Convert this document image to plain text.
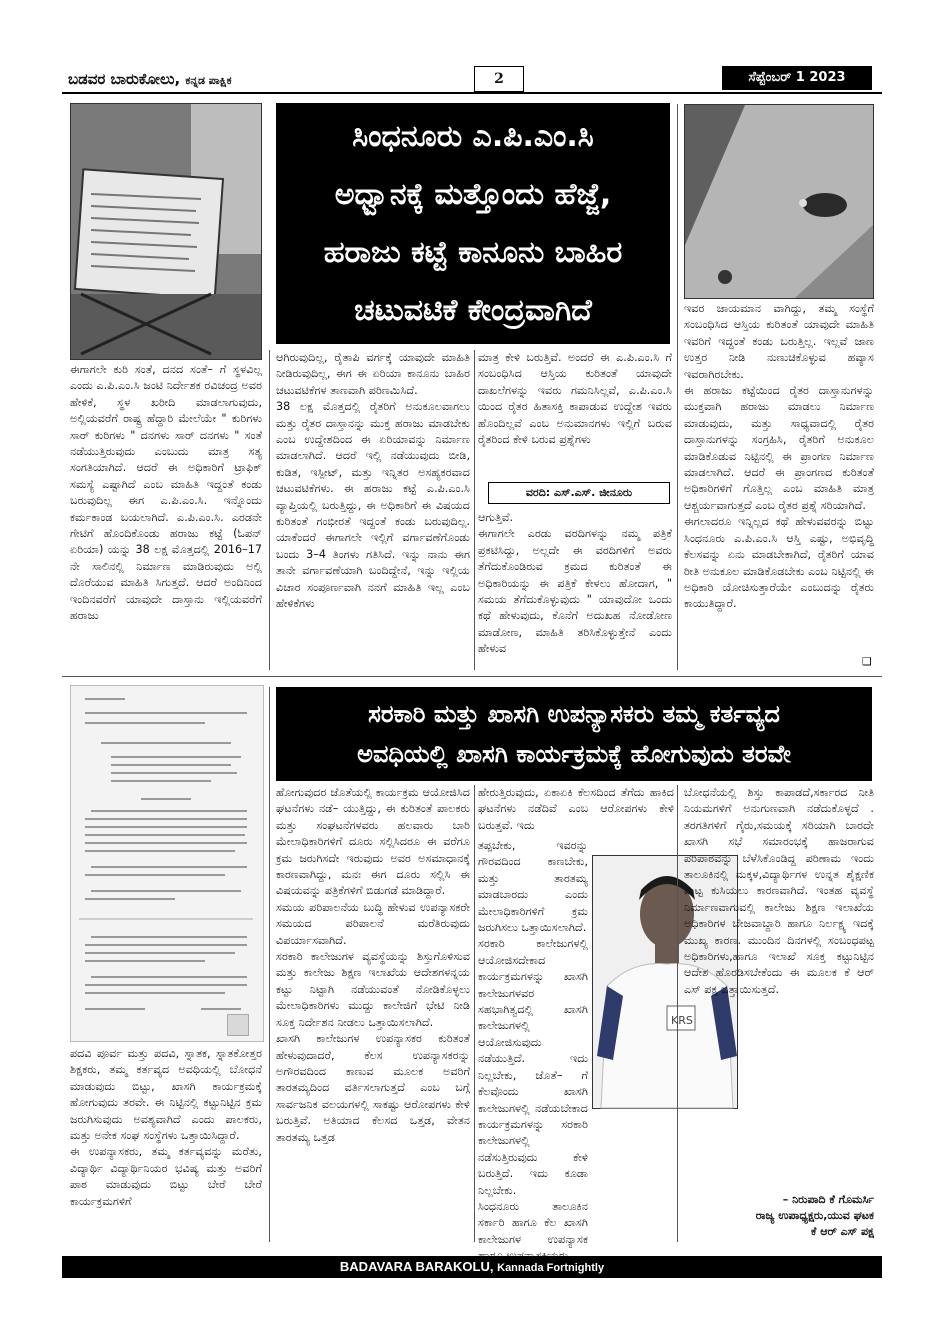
ಬಡವರ ಬಾರುಕೋಲು, ಕನ್ನಡ ಪಾಕ್ಷಿಕ	2	ಸೆಪ್ಟೆಂಬರ್ 1 2023
ಸಿಂಧನೂರು ಎ.ಪಿ.ಎಂ.ಸಿ
ಅಧ್ವಾನಕ್ಕೆ ಮತ್ತೊಂದು ಹೆಜ್ಜೆ,
ಹರಾಜು ಕಟ್ಟೆ ಕಾನೂನು ಬಾಹಿರ
ಚಟುವಟಿಕೆ ಕೇಂದ್ರವಾಗಿದೆ
ಈಗಾಗಲೇ ಕುರಿ ಸಂತೆ, ದನದ ಸಂತೆ– ಗೆ ಸ್ಥಳವಿಲ್ಲ ಎಂದು ಎ.ಪಿ.ಎಂ.ಸಿ ಜಂಟಿ ನಿರ್ದೇಶಕ ರವಿಚಂದ್ರ ಅವರ ಹೇಳಿಕೆ, ಸ್ಥಳ ಖರೀದಿ ಮಾಡಲಾಗುವುದು, ಅಲ್ಲಿಯವರೆಗೆ ರಾಷ್ಟ್ರ ಹೆದ್ದಾರಿ ಮೇಲೆಯೇ " ಕುರಿಗಳು ಸಾರ್ ಕುರಿಗಳು " ದನಗಳು ಸಾರ್ ದನಗಳು " ಸಂತೆ ನಡೆಯುತ್ತಿರುವುದು ಎಂಬುದು ಮಾತ್ರ ಸತ್ಯ ಸಂಗತಿಯಾಗಿದೆ. ಆದರೆ ಈ ಅಧಿಕಾರಿಗೆ ಟ್ರಾಫಿಕ್ ಸಮಸ್ಯೆ ಎಷ್ಟಾಗಿದೆ ಎಂಬ ಮಾಹಿತಿ ಇದ್ದಂತೆ ಕಂಡು ಬರುವುದಿಲ್ಲ ಈಗ ಎ.ಪಿ.ಎಂ.ಸಿ. ಇನ್ನೊಂದು ಕರ್ಮಕಾಂಡ ಬಯಲಾಗಿದೆ. ಎ.ಪಿ.ಎಂ.ಸಿ. ಎರಡನೇ ಗೇಟಿಗೆ ಹೊಂದಿಕೊಂಡು ಹರಾಜು ಕಟ್ಟೆ (ಓಪನ್ ಏರಿಯಾ) ಯನ್ನು 38 ಲಕ್ಷ ಮೊತ್ತದಲ್ಲಿ 2016–17 ನೇ ಸಾಲಿನಲ್ಲಿ ನಿರ್ಮಾಣ ಮಾಡಿರುವುದು ಅಲ್ಲಿ ದೊರೆಯುವ ಮಾಹಿತಿ ಸಿಗುತ್ತದೆ. ಆದರೆ ಅಂದಿನಿಂದ ಇಂದಿನವರೆಗೆ ಯಾವುದೇ ದಾಸ್ತಾನು ಇಲ್ಲಿಯವರೆಗೆ ಹರಾಜು
ಆಗಿರುವುದಿಲ್ಲ, ರೈತಾಪಿ ವರ್ಗಕ್ಕೆ ಯಾವುದೇ ಮಾಹಿತಿ ನೀಡಿರುವುದಿಲ್ಲ, ಈಗ ಈ ಏರಿಯಾ ಕಾನೂನು ಬಾಹಿರ ಚಟುವಟಿಕೆಗಳ ತಾಣವಾಗಿ ಪರಿಣಮಿಸಿದೆ.
38 ಲಕ್ಷ ಮೊತ್ತದಲ್ಲಿ ರೈತರಿಗೆ ಅನುಕೂಲವಾಗಲು ಮತ್ತು ರೈತರ ದಾಸ್ತಾನನ್ನು ಮುಕ್ತ ಹರಾಜು ಮಾಡಬೇಕು ಎಂಬ ಉದ್ದೇಶದಿಂದ ಈ ಏರಿಯಾವನ್ನು ನಿರ್ಮಾಣ ಮಾಡಲಾಗಿದೆ. ಆದರೆ ಇಲ್ಲಿ ನಡೆಯುವುದು ಬೀಡಿ, ಕುಡಿತ, ಇಸ್ಪೀಟ್, ಮತ್ತು ಇನ್ನಿತರ ಅಸಹ್ಯಕರವಾದ ಚಟುವಟಿಕೆಗಳು. ಈ ಹರಾಜು ಕಟ್ಟೆ ಎ.ಪಿ.ಎಂ.ಸಿ ವ್ಯಾಪ್ತಿಯಲ್ಲಿ ಬರುತ್ತಿದ್ದು, ಈ ಅಧಿಕಾರಿಗೆ ಈ ವಿಷಯದ ಕುರಿತಂತೆ ಗಂಭೀರತೆ ಇದ್ದಂತೆ ಕಂಡು ಬರುವುದಿಲ್ಲ. ಯಾಕೆಂದರೆ ಈಗಾಗಲೇ ಇಲ್ಲಿಗೆ ವರ್ಗಾವಣೆಗೊಂಡು ಬಂದು 3–4 ತಿಂಗಳು ಗತಿಸಿದೆ. ಇನ್ನು ನಾನು ಈಗ ತಾನೇ ವರ್ಗಾವಣೆಯಾಗಿ ಬಂದಿದ್ದೇನೆ, ಇನ್ನು ಇಲ್ಲಿಯ ವಿಚಾರ ಸಂಪೂರ್ಣವಾಗಿ ನನಗೆ ಮಾಹಿತಿ ಇಲ್ಲ ಎಂಬ ಹೇಳಿಕೆಗಳು
ಮಾತ್ರ ಕೇಳಿ ಬರುತ್ತಿವೆ. ಅಂದರೆ ಈ ಎ.ಪಿ.ಎಂ.ಸಿ ಗೆ ಸಂಬಂಧಿಸಿದ ಆಸ್ತಿಯ ಕುರಿತಂತೆ ಯಾವುದೇ ದಾಖಲೆಗಳನ್ನು ಇವರು ಗಮನಿಸಿಲ್ಲವೆ, ಎ.ಪಿ.ಎಂ.ಸಿ ಯಿಂದ ರೈತರ ಹಿತಾಸಕ್ತಿ ಕಾಪಾಡುವ ಉದ್ದೇಶ ಇವರು ಹೊಂದಿಲ್ಲವೆ ಎಂಬ ಅನುಮಾನಗಳು ಇಲ್ಲಿಗೆ ಬರುವ ರೈತರಿಂದ ಕೇಳಿ ಬರುವ ಪ್ರಶ್ನೆಗಳು
ವರದಿ: ಎಸ್.ಎಸ್. ಜೀನೂರು
ಆಗುತ್ತಿವೆ.
ಈಗಾಗಲೇ ಎರಡು ವರದಿಗಳನ್ನು ನಮ್ಮ ಪತ್ರಿಕೆ ಪ್ರಕಟಿಸಿದ್ದು, ಅಲ್ಲದೇ ಈ ವರದಿಗಳಿಗೆ ಅವರು ತೆಗೆದುಕೊಂಡಿರುವ ಕ್ರಮದ ಕುರಿತಂತೆ ಈ ಅಧಿಕಾರಿಯನ್ನು ಈ ಪತ್ರಿಕೆ ಕೇಳಲು ಹೋದಾಗ, " ಸಮಯ ತೆಗೆದುಕೊಳ್ಳುವುದು " ಯಾವುದೋ ಒಂದು ಕಥೆ ಹೇಳುವುದು, ಕೊನೆಗೆ ಅದುಖಹ ನೋಡೋಣ ಮಾಡೋಣ, ಮಾಹಿತಿ ತರಿಸಿಕೊಳ್ಳುತ್ತೇನೆ ಎಂದು ಹೇಳುವ
ಇವರ ಜಾಯಮಾನ ವಾಗಿದ್ದು, ತಮ್ಮ ಸಂಸ್ಥೆಗೆ ಸಂಬಂಧಿಸಿದ ಆಸ್ತಿಯ ಕುರಿತಂತೆ ಯಾವುದೇ ಮಾಹಿತಿ ಇವರಿಗೆ ಇದ್ದಂತೆ ಕಂಡು ಬರುತ್ತಿಲ್ಲ. ಇಲ್ಲವೆ ಜಾಣ ಉತ್ತರ ನೀಡಿ ನುಣುಚಿಕೊಳ್ಳುವ ಹವ್ಯಾಸ ಇವರಾಗಿರಬೇಕು.
ಈ ಹರಾಜು ಕಟ್ಟೆಯಿಂದ ರೈತರ ದಾಸ್ತಾನುಗಳನ್ನು ಮುಕ್ತವಾಗಿ ಹರಾಜು ಮಾಡಲು ನಿರ್ಮಾಣ ಮಾಡುವುದು, ಮತ್ತು ಸಾಧ್ಯವಾದಲ್ಲಿ ರೈತರ ದಾಸ್ತಾನುಗಳನ್ನು ಸಂಗ್ರಹಿಸಿ, ರೈತರಿಗೆ ಅನುಕೂಲ ಮಾಡಿಕೊಡುವ ನಿಟ್ಟಿನಲ್ಲಿ ಈ ಪ್ರಾಂಗಣ ನಿರ್ಮಾಣ ಮಾಡಲಾಗಿದೆ. ಆದರೆ ಈ ಪ್ರಾಂಗಣದ ಕುರಿತಂತೆ ಅಧಿಕಾರಿಗಳಿಗೆ ಗೊತ್ತಿಲ್ಲ ಎಂಬ ಮಾಹಿತಿ ಮಾತ್ರ ಆಶ್ಚರ್ಯವಾಗುತ್ತದೆ ಎಂಬ ರೈತರ ಪ್ರಶ್ನೆ ಸರಿಯಾಗಿದೆ.
ಈಗಲಾದರೂ ಇನ್ನಿಲ್ಲದ ಕಥೆ ಹೇಳುವವರನ್ನು ಬಿಟ್ಟು ಸಿಂಧನೂರು ಎ.ಪಿ.ಎಂ.ಸಿ ಆಸ್ತಿ ಎಷ್ಟು, ಅಭಿವೃದ್ಧಿ ಕೆಲಸವನ್ನು ಏನು ಮಾಡಬೇಕಾಗಿದೆ, ರೈತರಿಗೆ ಯಾವ ರೀತಿ ಅನುಕೂಲ ಮಾಡಿಕೊಡಬೇಕು ಎಂಬ ನಿಟ್ಟಿನಲ್ಲಿ ಈ ಅಧಿಕಾರಿ ಯೋಚಿಸುತ್ತಾರೆಯೇ ಎಂಬುದನ್ನು ರೈತರು ಕಾಯುತಿದ್ದಾರೆ.
❑
ಸರಕಾರಿ ಮತ್ತು ಖಾಸಗಿ ಉಪನ್ಯಾಸಕರು ತಮ್ಮ ಕರ್ತವ್ಯದ
ಅವಧಿಯಲ್ಲಿ ಖಾಸಗಿ ಕಾರ್ಯಕ್ರಮಕ್ಕೆ ಹೋಗುವುದು ತರವೇ
ಪದವಿ ಪೂರ್ವ ಮತ್ತು ಪದವಿ, ಸ್ನಾತಕ, ಸ್ನಾತಕೋತ್ತರ ಶಿಕ್ಷಕರು, ತಮ್ಮ ಕರ್ತವ್ಯದ ಅವಧಿಯಲ್ಲಿ ಬೋಧನೆ ಮಾಡುವುದು ಬಿಟ್ಟು, ಖಾಸಗಿ ಕಾರ್ಯಕ್ರಮಕ್ಕೆ ಹೋಗುವುದು ತರವೇ. ಈ ನಿಟ್ಟಿನಲ್ಲಿ ಕಟ್ಟುನಿಟ್ಟಿನ ಕ್ರಮ ಜರುಗಿಸುವುದು ಅವಶ್ಯವಾಗಿದೆ ಎಂದು ಪಾಲಕರು, ಮತ್ತು ಅನೇಕ ಸಂಘ ಸಂಸ್ಥೆಗಳು ಒತ್ತಾಯಿಸಿದ್ದಾರೆ.
ಈ ಉಪನ್ಯಾಸಕರು, ತಮ್ಮ ಕರ್ತವ್ಯವನ್ನು ಮರೆತು, ವಿದ್ಯಾರ್ಥಿ ವಿದ್ಯಾರ್ಥಿನಿಯರ ಭವಿಷ್ಯ ಮತ್ತು ಅವರಿಗೆ ಪಾಠ ಮಾಡುವುದು ಬಿಟ್ಟು ಬೇರೆ ಬೇರೆ ಕಾರ್ಯಕ್ರಮಗಳಿಗೆ
ಹೋಗುವುದರ ಜೊತೆಯಲ್ಲಿ ಕಾರ್ಯಕ್ರಮ ಆಯೋಜಿಸಿದ ಘಟನೆಗಳು ನಡೆ– ಯುತ್ತಿದ್ದು, ಈ ಕುರಿತಂತೆ ಪಾಲಕರು ಮತ್ತು ಸಂಘಟನೆಗಳವರು ಹಲವಾರು ಬಾರಿ ಮೇಲಾಧಿಕಾರಿಗಳಿಗೆ ದೂರು ಸಲ್ಲಿಸಿದರೂ ಈ ವರೆಗೂ ಕ್ರಮ ಜರುಗಿಸದೇ ಇರುವುದು ಅವರ ಅಸಮಾಧಾನಕ್ಕೆ ಕಾರಣವಾಗಿದ್ದು, ಮನಃ ಈಗ ದೂರು ಸಲ್ಲಿಸಿ ಈ ವಿಷಯವನ್ನು ಪತ್ರಿಕೆಗಳಿಗೆ ಬಿಡುಗಡೆ ಮಾಡಿದ್ದಾರೆ.
ಸಮಯ ಪರಿಪಾಲನೆಯ ಬುದ್ಧಿ ಹೇಳುವ ಉಪನ್ಯಾಸಕರೇ ಸಮಯದ ಪರಿಪಾಲನೆ ಮರೆತಿರುವುದು ವಿಪರ್ಯಾಸವಾಗಿದೆ.
ಸರಕಾರಿ ಕಾಲೇಜುಗಳ ವ್ಯವಸ್ಥೆಯನ್ನು ಶಿಸ್ತುಗೊಳಿಸುವ ಮತ್ತು ಕಾಲೇಜು ಶಿಕ್ಷಣ ಇಲಾಖೆಯ ಆದೇಶಗಳನ್ನಯ ಕಟ್ಟು ನಿಟ್ಟಾಗಿ ನಡೆಯುವಂತೆ ನೋಡಿಕೊಳ್ಳಲು ಮೇಲಾಧಿಕಾರಿಗಳು ಮುದ್ದು ಕಾಲೇಜಿಗೆ ಭೇಟಿ ನೀಡಿ ಸೂಕ್ತ ನಿರ್ದೇಶನ ನೀಡಲು ಒತ್ತಾಯಿಸಲಾಗಿದೆ.
ಖಾಸಗಿ ಕಾಲೇಜುಗಳ ಉಪನ್ಯಾಸಕರ ಕುರಿತಂತೆ ಹೇಳುವುದಾದರೆ, ಕೆಲಸ ಉಪನ್ಯಾಸಕರನ್ನು ಅಗೌರವದಿಂದ ಕಾಣುವ ಮೂಲಕ ಅವರಿಗೆ ತಾರತಮ್ಯದಿಂದ ವರ್ತಿಸಲಾಗುತ್ತದೆ ಎಂಬ ಬಗ್ಗೆ ಸಾರ್ವಜನಿಕ ವಲಯಗಳಲ್ಲಿ ಸಾಕಷ್ಟು ಆರೋಪಗಳು ಕೇಳಿ ಬರುತ್ತಿವೆ. ಅತಿಯಾದ ಕೆಲಸದ ಒತ್ತಡ, ವೇತನ ತಾರತಮ್ಯ ಒತ್ತಡ
ಹೇರುತ್ತಿರುವುದು, ಏಕಾಏಕಿ ಕೆಲಸದಿಂದ ತೆಗೆದು ಹಾಕಿದ ಘಟನೆಗಳು ನಡೆದಿವೆ ಎಂಬ ಆರೋಪಗಳು ಕೇಳಿ ಬರುತ್ತವೆ. ಇದು
KRS
ತಪ್ಪಬೇಕು, ಇವರನ್ನು ಗೌರವದಿಂದ ಕಾಣಬೇಕು, ಮತ್ತು ತಾರತಮ್ಯ ಮಾಡಬಾರದು ಎಂದು ಮೇಲಾಧಿಕಾರಿಗಳಿಗೆ ಕ್ರಮ ಜರುಗಿಸಲು ಒತ್ತಾಯಿಸಲಾಗಿದೆ.
ಸರಕಾರಿ ಕಾಲೇಜುಗಳಲ್ಲಿ ಆಯೋಜಿಸದೇಕಾದ ಕಾರ್ಯಕ್ರಮಗಳನ್ನು ಖಾಸಗಿ ಕಾಲೇಜುಗಳವರ ಸಹಭಾಗಿತ್ವದಲ್ಲಿ ಖಾಸಗಿ ಕಾಲೇಜುಗಳಲ್ಲಿ ಆಯೋಜಿಸುವುದು ನಡೆಯುತ್ತಿದೆ. ಇದು ನಿಲ್ಲಬೇಕು, ಜೊತೆ– ಗೆ ಕೆಲವೊಂದು ಖಾಸಗಿ ಕಾಲೇಜುಗಳಲ್ಲಿ ನಡೆಯಬೇಕಾದ ಕಾರ್ಯಕ್ರಮಗಳನ್ನು ಸರಕಾರಿ ಕಾಲೇಜುಗಳಲ್ಲಿ ನಡೆಸುತ್ತಿರುವುದು ಕೇಳಿ ಬರುತ್ತಿದೆ. ಇದು ಕೂಡಾ ನಿಲ್ಲಬೇಕು.
ಸಿಂಧನೂರು ತಾಲೂಕಿನ ಸರ್ಕಾರಿ ಹಾಗೂ ಕೆಲ ಖಾಸಗಿ ಕಾಲೇಜುಗಳ ಉಪನ್ಯಾಸಕ
ಬೋಧನೆಯಲ್ಲಿ ಶಿಸ್ತು ಕಾಪಾಡದೆ,ಸರ್ಕಾರದ ನೀತಿ ನಿಯಮಗಳಿಗೆ ಅನುಗುಣವಾಗಿ ನಡೆದುಕೊಳ್ಳದೆ . ತರಗತಿಗಳಿಗೆ ಗೈರು,ಸಮಯಕ್ಕೆ ಸರಿಯಾಗಿ ಬಾರದೇ ಖಾಸಗಿ ಸಭೆ ಸಮಾರಂಭಕ್ಕೆ ಹಾಜರಾಗುವ ಪರಿಪಾಠವನ್ನು ಬೆಳೆಸಿಕೊಂಡಿದ್ದ ಪರಿಣಾಮ ಇಂದು ತಾಲೂಕಿನಲ್ಲಿ ಮಕ್ಕಳ,ವಿದ್ಯಾರ್ಥಿಗಳ ಉನ್ನತ ಶೈಕ್ಷಣಿಕ ಮಟ್ಟ ಕುಸಿಯಲು ಕಾರಣವಾಗಿದೆ. ಇಂತಹ ವ್ಯವಸ್ಥೆ ನಿರ್ಮಾಣವಾಗುವಲ್ಲಿ ಕಾಲೇಜು ಶಿಕ್ಷಣ ಇಲಾಖೆಯ ಅಧಿಕಾರಿಗಳ ಬೇಜವಾಬ್ದಾರಿ ಹಾಗೂ ನಿರ್ಲಕ್ಷ್ಯ ಇದಕ್ಕೆ ಮುಖ್ಯ ಕಾರಣ. ಮುಂದಿನ ದಿನಗಳಲ್ಲಿ ಸಂಬಂಧಪಟ್ಟ ಅಧಿಕಾರಿಗಳು,ಹಾಗೂ ಇಲಾಖೆ ಸೂಕ್ತ ಕಟ್ಟುನಿಟ್ಟಿನ ಆದೇಶ ಹೊರಡಿಸಬೇಕೆಂದು ಈ ಮೂಲಕ ಕೆ ಆರ್ ಎಸ್ ಪಕ್ಷ ಒತ್ತಾಯಿಸುತ್ತದೆ.
– ನಿರುಪಾದಿ ಕೆ ಗೊಮರ್ಸಿ
ರಾಜ್ಯ ಉಪಾಧ್ಯಕ್ಷರು,ಯುವ ಘಟಕ
ಕೆ ಆರ್ ಎಸ್ ಪಕ್ಷ
BADAVARA BARAKOLU, Kannada Fortnightly
